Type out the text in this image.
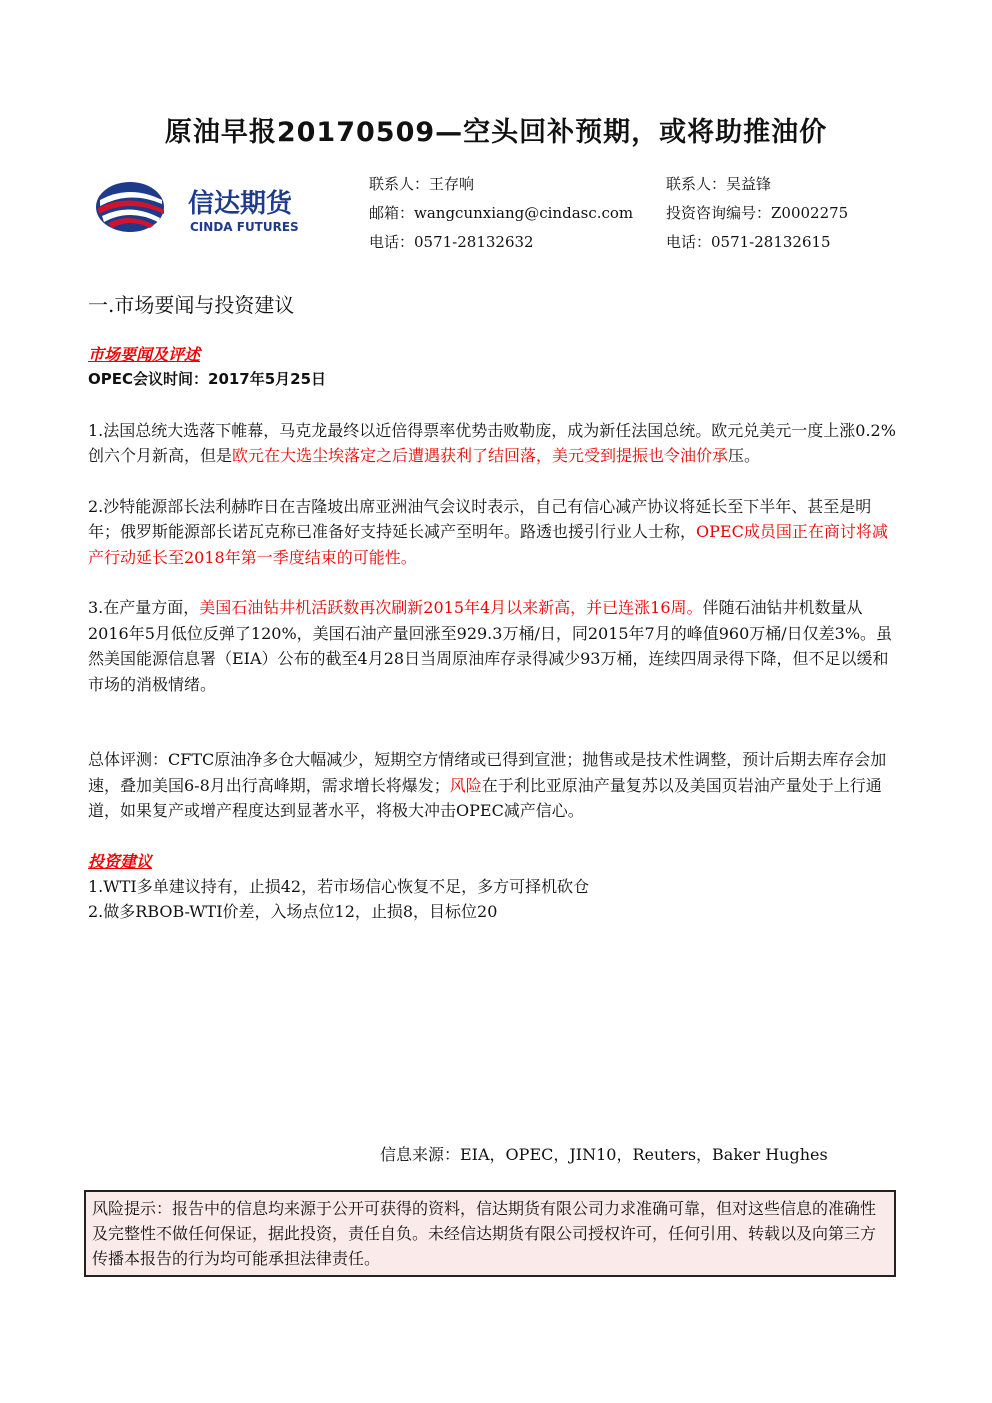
原油早报20170509—空头回补预期，或将助推油价
信达期货
CINDA FUTURES
联系人：王存响
邮箱：wangcunxiang@cindasc.com
电话：0571-28132632
联系人：吴益锋
投资咨询编号：Z0002275
电话：0571-28132615
一.市场要闻与投资建议
市场要闻及评述
OPEC会议时间：2017年5月25日

1.法国总统大选落下帷幕，马克龙最终以近倍得票率优势击败勒庞，成为新任法国总统。欧元兑美元一度上涨0.2%创六个月新高，但是欧元在大选尘埃落定之后遭遇获利了结回落，美元受到提振也令油价承压。

2.沙特能源部长法利赫昨日在吉隆坡出席亚洲油气会议时表示，自己有信心减产协议将延长至下半年、甚至是明年；俄罗斯能源部长诺瓦克称已准备好支持延长减产至明年。路透也援引行业人士称，OPEC成员国正在商讨将减产行动延长至2018年第一季度结束的可能性。

3.在产量方面，美国石油钻井机活跃数再次刷新2015年4月以来新高，并已连涨16周。伴随石油钻井机数量从2016年5月低位反弹了120%，美国石油产量回涨至929.3万桶/日，同2015年7月的峰值960万桶/日仅差3%。虽然美国能源信息署（EIA）公布的截至4月28日当周原油库存录得减少93万桶，连续四周录得下降，但不足以缓和市场的消极情绪。

总体评测：CFTC原油净多仓大幅减少，短期空方情绪或已得到宣泄；抛售或是技术性调整，预计后期去库存会加速，叠加美国6-8月出行高峰期，需求增长将爆发；风险在于利比亚原油产量复苏以及美国页岩油产量处于上行通道，如果复产或增产程度达到显著水平，将极大冲击OPEC减产信心。

投资建议
1.WTI多单建议持有，止损42，若市场信心恢复不足，多方可择机砍仓
2.做多RBOB-WTI价差，入场点位12，止损8，目标位20
信息来源：EIA，OPEC，JIN10，Reuters，Baker Hughes
风险提示：报告中的信息均来源于公开可获得的资料，信达期货有限公司力求准确可靠，但对这些信息的准确性及完整性不做任何保证，据此投资，责任自负。未经信达期货有限公司授权许可，任何引用、转载以及向第三方传播本报告的行为均可能承担法律责任。
